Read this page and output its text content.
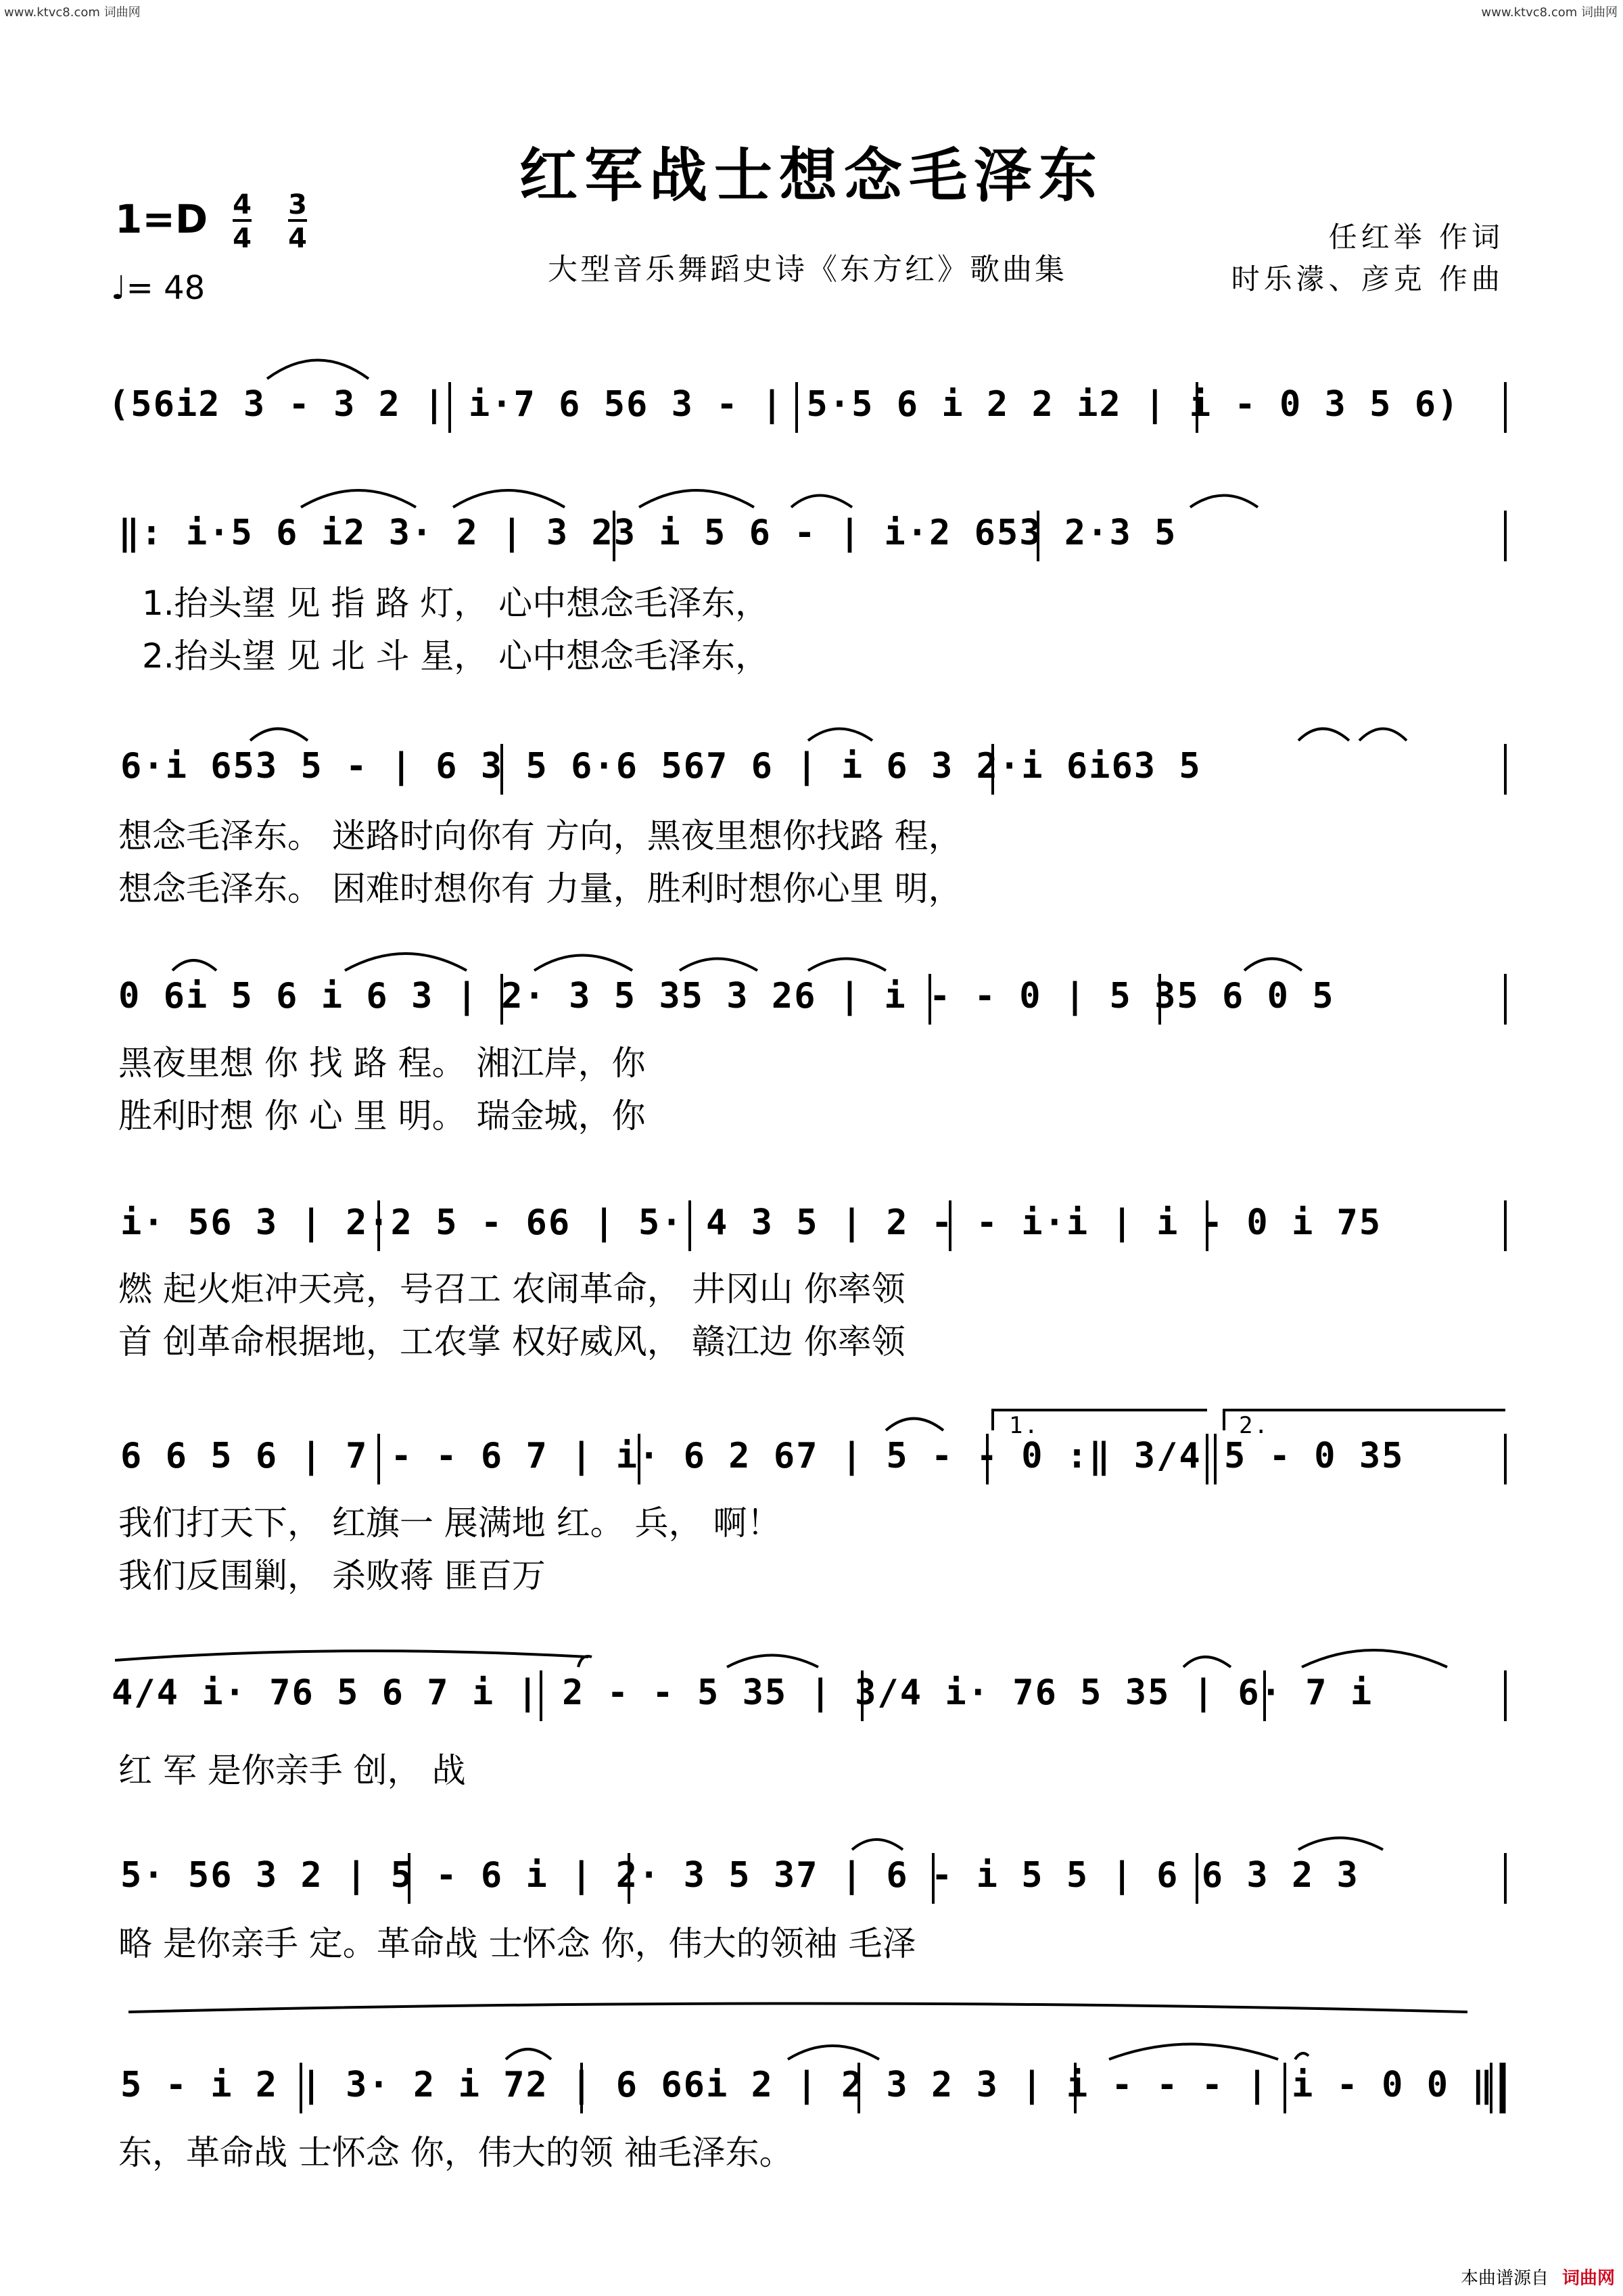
www.ktvc8.com 词曲网	www.ktvc8.com 词曲网
红军战士想念毛泽东
1=D 4
4
3
4
♩= 48	大型音乐舞蹈史诗《东方红》歌曲集
任红举 作词
时乐濛、彦克 作曲
1.	2.
(56i2 3 - 3 2 | i·7 6 56 3 - | 5·5 6 i 2 2 i2 | i - 0 3 5 6)
‖: i·5 6 i2 3· 2 | 3 23 i 5 6 - | i·2 653 2·3 5
1.抬头望 见 指 路 灯， 心中想念毛泽东，
2.抬头望 见 北 斗 星， 心中想念毛泽东，
6·i 653 5 - | 6 3 5 6·6 567 6 | i 6 3 2·i 6i63 5
想念毛泽东。 迷路时向你有 方向，黑夜里想你找路 程，
想念毛泽东。 困难时想你有 力量，胜利时想你心里 明，
0 6i 5 6 i 6 3 | 2· 3 5 35 3 26 | i - - 0 | 5 35 6 0 5
黑夜里想 你 找 路 程。 湘江岸，你
胜利时想 你 心 里 明。 瑞金城，你
i· 56 3 | 2·2 5 - 66 | 5· 4 3 5 | 2 - - i·i | i - 0 i 75
燃 起火炬冲天亮，号召工 农闹革命， 井冈山 你率领
首 创革命根据地，工农掌 权好威风， 赣江边 你率领
6 6 5 6 | 7 - - 6 7 | i· 6 2 67 | 5 - - 0 :‖ 3/4 5 - 0 35
我们打天下， 红旗一 展满地 红。 兵， 啊！
我们反围剿， 杀败蒋 匪百万
4/4 i· 76 5 6 7 i | 2 - - 5 35 | 3/4 i· 76 5 35 | 6· 7 i
红 军 是你亲手 创， 战
5· 56 3 2 | 5 - 6 i | 2· 3 5 37 | 6 - i 5 5 | 6 6 3 2 3
略 是你亲手 定。革命战 士怀念 你，伟大的领袖 毛泽
5 - i 2 | 3· 2 i 72 | 6 66i 2 | 2 3 2 3 | i - - - | i - 0 0 ‖
东，革命战 士怀念 你，伟大的领 袖毛泽东。
本曲谱源自 词曲网
